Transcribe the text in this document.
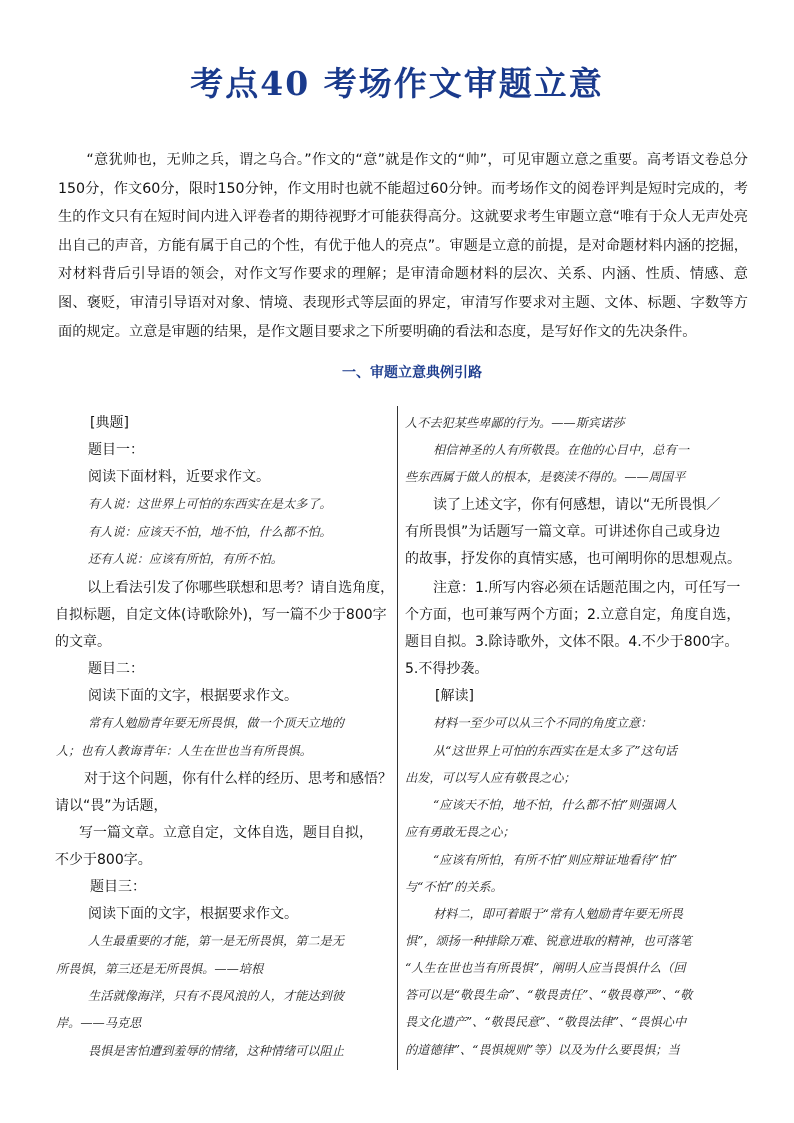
考点40 考场作文审题立意
“意犹帅也，无帅之兵，谓之乌合。”作文的“意”就是作文的“帅”，可见审题立意之重要。高考语文卷总分150分，作文60分，限时150分钟，作文用时也就不能超过60分钟。而考场作文的阅卷评判是短时完成的，考生的作文只有在短时间内进入评卷者的期待视野才可能获得高分。这就要求考生审题立意“唯有于众人无声处亮出自己的声音，方能有属于自己的个性，有优于他人的亮点”。审题是立意的前提，是对命题材料内涵的挖掘，对材料背后引导语的领会，对作文写作要求的理解；是审清命题材料的层次、关系、内涵、性质、情感、意图、褒贬，审清引导语对对象、情境、表现形式等层面的界定，审清写作要求对主题、文体、标题、字数等方面的规定。立意是审题的结果，是作文题目要求之下所要明确的看法和态度，是写好作文的先决条件。
一、审题立意典例引路
[典题]
题目一：
阅读下面材料，近要求作文。
有人说：这世界上可怕的东西实在是太多了。
有人说：应该天不怕，地不怕，什么都不怕。
还有人说：应该有所怕，有所不怕。
以上看法引发了你哪些联想和思考？请自选角度，
自拟标题，自定文体(诗歌除外)，写一篇不少于800字
的文章。
题目二：
阅读下面的文字，根据要求作文。
常有人勉励青年要无所畏惧，做一个顶天立地的
人；也有人教诲青年：人生在世也当有所畏惧。
对于这个问题，你有什么样的经历、思考和感悟？
请以“畏”为话题，
写一篇文章。立意自定，文体自选，题目自拟，
不少于800字。
题目三：
阅读下面的文字，根据要求作文。
人生最重要的才能，第一是无所畏惧，第二是无
所畏惧，第三还是无所畏惧。——培根
生活就像海洋，只有不畏风浪的人，才能达到彼
岸。——马克思
畏惧是害怕遭到羞辱的情绪，这种情绪可以阻止
人不去犯某些卑鄙的行为。——斯宾诺莎
相信神圣的人有所敬畏。在他的心目中，总有一
些东西属于做人的根本，是亵渎不得的。——周国平
读了上述文字，你有何感想，请以“无所畏惧／
有所畏惧”为话题写一篇文章。可讲述你自己或身边
的故事，抒发你的真情实感，也可阐明你的思想观点。
注意：1.所写内容必须在话题范围之内，可任写一
个方面，也可兼写两个方面；2.立意自定，角度自选，
题目自拟。3.除诗歌外，文体不限。4.不少于800字。
5.不得抄袭。
[解读]
材料一至少可以从三个不同的角度立意：
从“这世界上可怕的东西实在是太多了”这句话
出发，可以写人应有敬畏之心；
“应该天不怕，地不怕，什么都不怕”则强调人
应有勇敢无畏之心；
“应该有所怕，有所不怕”则应辩证地看待“怕”
与“不怕”的关系。
材料二，即可着眼于“常有人勉励青年要无所畏
惧”，颂扬一种排除万难、锐意进取的精神，也可落笔
“人生在世也当有所畏惧”，阐明人应当畏惧什么（回
答可以是“敬畏生命”、“敬畏责任”、“敬畏尊严”、“敬
畏文化遗产”、“敬畏民意”、“敬畏法律”、“畏惧心中
的道德律”、“畏惧规则”等）以及为什么要畏惧；当
